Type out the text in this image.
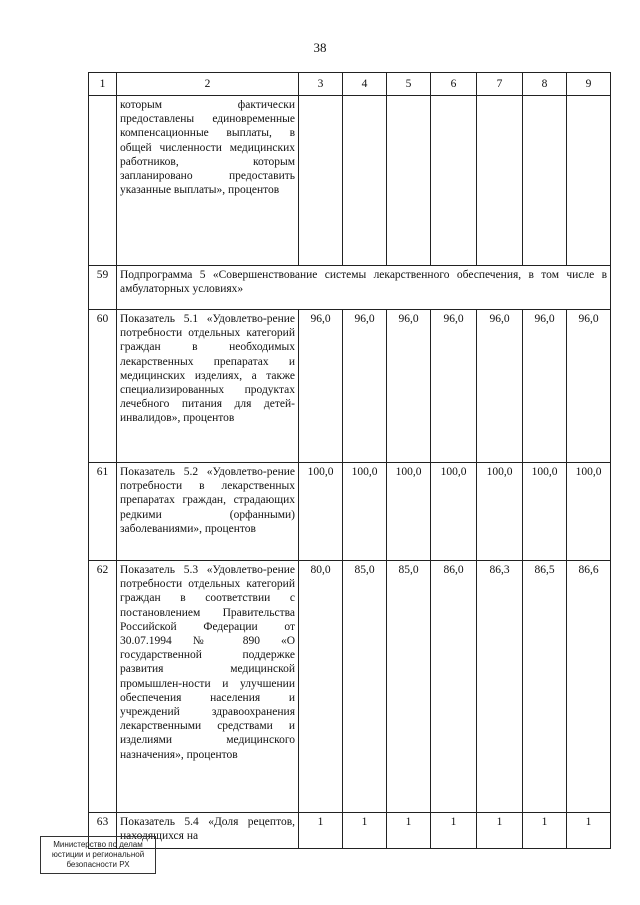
38
1	2	3	4	5	6	7	8	9
	которым фактически предоставлены единовременные компенсационные выплаты, в общей численности медицинских работников, которым запланировано предоставить указанные выплаты», процентов							
59	Подпрограмма 5 «Совершенствование системы лекарственного обеспечения, в том числе в амбулаторных условиях»							
60	Показатель 5.1 «Удовлетво-рение потребности отдельных категорий граждан в необходимых лекарственных препаратах и медицинских изделиях, а также специализированных продуктах лечебного питания для детей-инвалидов», процентов	96,0	96,0	96,0	96,0	96,0	96,0	96,0
61	Показатель 5.2 «Удовлетво-рение потребности в лекарственных препаратах граждан, страдающих редкими (орфанными) заболеваниями», процентов	100,0	100,0	100,0	100,0	100,0	100,0	100,0
62	Показатель 5.3 «Удовлетво-рение потребности отдельных категорий граждан в соответствии с постановлением Правительства Российской Федерации от 30.07.1994 № 890 «О государственной поддержке развития медицинской промышлен-ности и улучшении обеспечения населения и учреждений здравоохранения лекарственными средствами и изделиями медицинского назначения», процентов	80,0	85,0	85,0	86,0	86,3	86,5	86,6
63	Показатель 5.4 «Доля рецептов, находящихся на	1	1	1	1	1	1	1
Министерство по делам
юстиции и региональной
безопасности РХ
